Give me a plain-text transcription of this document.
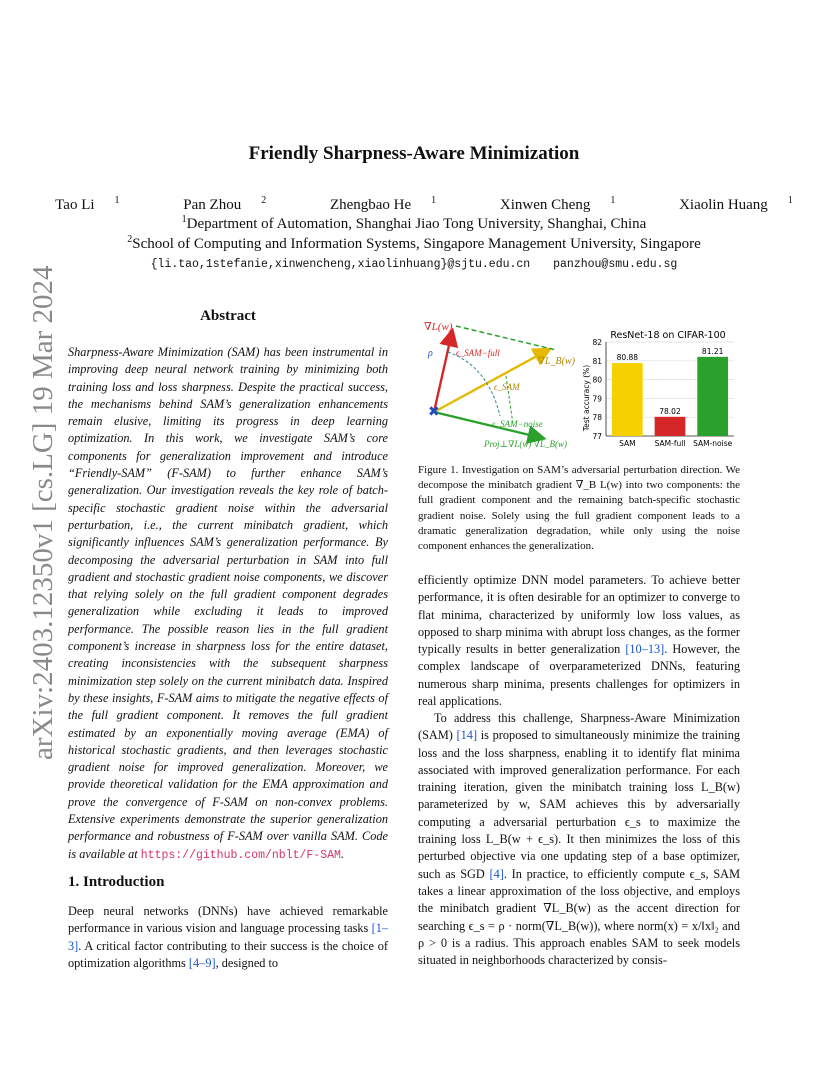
arXiv:2403.12350v1 [cs.LG] 19 Mar 2024
Friendly Sharpness-Aware Minimization
Tao Li $^1$	Pan Zhou $^2$	Zhengbao He $^1$	Xinwen Cheng $^1$	Xiaolin Huang $^1$
$^1$Department of Automation, Shanghai Jiao Tong University, Shanghai, China
$^2$School of Computing and Information Systems, Singapore Management University, Singapore
{li.tao,1stefanie,xinwencheng,xiaolinhuang}@sjtu.edu.cn panzhou@smu.edu.sg
Abstract
Sharpness-Aware Minimization (SAM) has been instrumental in improving deep neural network training by minimizing both training loss and loss sharpness. Despite the practical success, the mechanisms behind SAM’s generalization enhancements remain elusive, limiting its progress in deep learning optimization. In this work, we investigate SAM’s core components for generalization improvement and introduce “Friendly-SAM” (F-SAM) to further enhance SAM’s generalization. Our investigation reveals the key role of batch-specific stochastic gradient noise within the adversarial perturbation, i.e., the current minibatch gradient, which significantly influences SAM’s generalization performance. By decomposing the adversarial perturbation in SAM into full gradient and stochastic gradient noise components, we discover that relying solely on the full gradient component degrades generalization while excluding it leads to improved performance. The possible reason lies in the full gradient component’s increase in sharpness loss for the entire dataset, creating inconsistencies with the subsequent sharpness minimization step solely on the current minibatch data. Inspired by these insights, F-SAM aims to mitigate the negative effects of the full gradient component. It removes the full gradient estimated by an exponentially moving average (EMA) of historical stochastic gradients, and then leverages stochastic gradient noise for improved generalization. Moreover, we provide theoretical validation for the EMA approximation and prove the convergence of F-SAM on non-convex problems. Extensive experiments demonstrate the superior generalization performance and robustness of F-SAM over vanilla SAM. Code is available at https://github.com/nblt/F-SAM.
1. Introduction
Deep neural networks (DNNs) have achieved remarkable performance in various vision and language processing tasks [1–3]. A critical factor contributing to their success is the choice of optimization algorithms [4–9], designed to
✖
∇L(w)
ρ	ϵ_SAM−full
∇L_B(w)
ϵ_SAM
ϵ_SAM−noise
Proj⊥∇L(w) ∇L_B(w)
ResNet-18 on CIFAR-100
Test accuracy (%)
77
78
79
80
81
82
80.88
SAM
78.02
SAM-full
81.21
SAM-noise
Figure 1. Investigation on SAM’s adversarial perturbation direction. We decompose the minibatch gradient ∇_B L(w) into two components: the full gradient component and the remaining batch-specific stochastic gradient noise. Solely using the full gradient component leads to a dramatic generalization degradation, while only using the noise component enhances the generalization.
efficiently optimize DNN model parameters. To achieve better performance, it is often desirable for an optimizer to converge to flat minima, characterized by uniformly low loss values, as opposed to sharp minima with abrupt loss changes, as the former typically results in better generalization [10–13]. However, the complex landscape of overparameterized DNNs, featuring numerous sharp minima, presents challenges for optimizers in real applications.
To address this challenge, Sharpness-Aware Minimization (SAM) [14] is proposed to simultaneously minimize the training loss and the loss sharpness, enabling it to identify flat minima associated with improved generalization performance. For each training iteration, given the minibatch training loss L_B(w) parameterized by w, SAM achieves this by adversarially computing a adversarial perturbation ϵ_s to maximize the training loss L_B(w + ϵ_s). It then minimizes the loss of this perturbed objective via one updating step of a base optimizer, such as SGD [4]. In practice, to efficiently compute ϵ_s, SAM takes a linear approximation of the loss objective, and employs the minibatch gradient ∇L_B(w) as the accent direction for searching ϵ_s = ρ · norm(∇L_B(w)), where norm(x) = x/‖x‖₂ and ρ > 0 is a radius. This approach enables SAM to seek models situated in neighborhoods characterized by consis-
